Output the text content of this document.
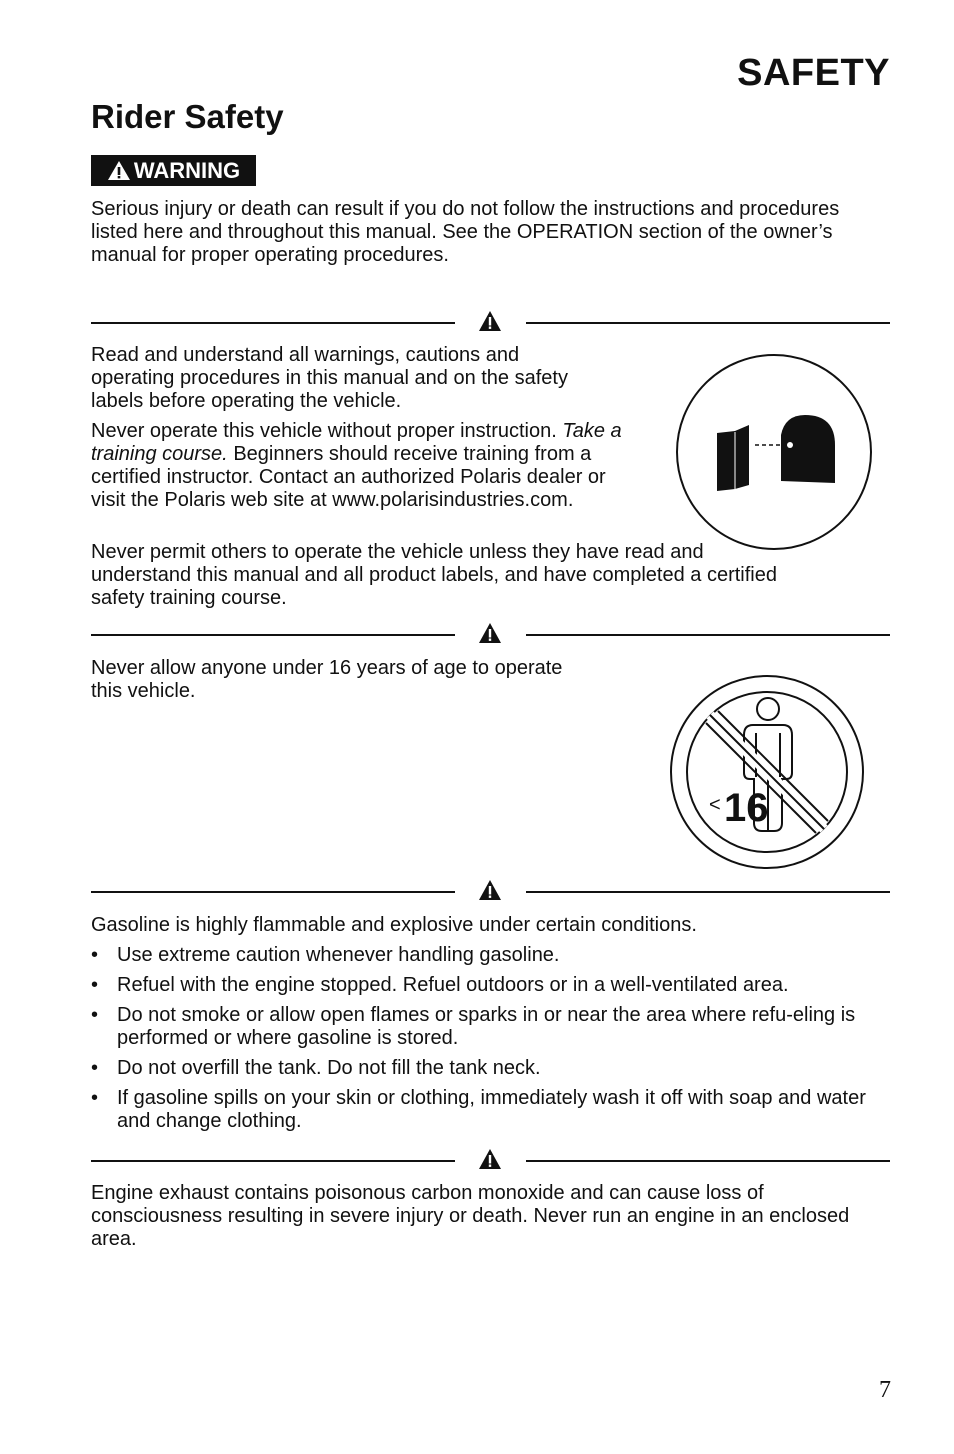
SAFETY
Rider Safety
WARNING

Serious injury or death can result if you do not follow the instructions and procedures listed here and throughout this manual. See the OPERATION section of the owner’s manual for proper operating procedures.

Read and understand all warnings, cautions and operating procedures in this manual and on the safety labels before operating the vehicle.

Never operate this vehicle without proper instruction. Take a training course. Beginners should receive training from a certified instructor. Contact an authorized Polaris dealer or visit the Polaris web site at www.polarisindustries.com.

Never permit others to operate the vehicle unless they have read and understand this manual and all product labels, and have completed a certified safety training course.

Never allow anyone under 16 years of age to operate this vehicle.

< 16

Gasoline is highly flammable and explosive under certain conditions.

• Use extreme caution whenever handling gasoline.
• Refuel with the engine stopped. Refuel outdoors or in a well-ventilated area.
• Do not smoke or allow open flames or sparks in or near the area where refu-eling is performed or where gasoline is stored.
• Do not overfill the tank. Do not fill the tank neck.
• If gasoline spills on your skin or clothing, immediately wash it off with soap and water and change clothing.

Engine exhaust contains poisonous carbon monoxide and can cause loss of consciousness resulting in severe injury or death. Never run an engine in an enclosed area.

7
